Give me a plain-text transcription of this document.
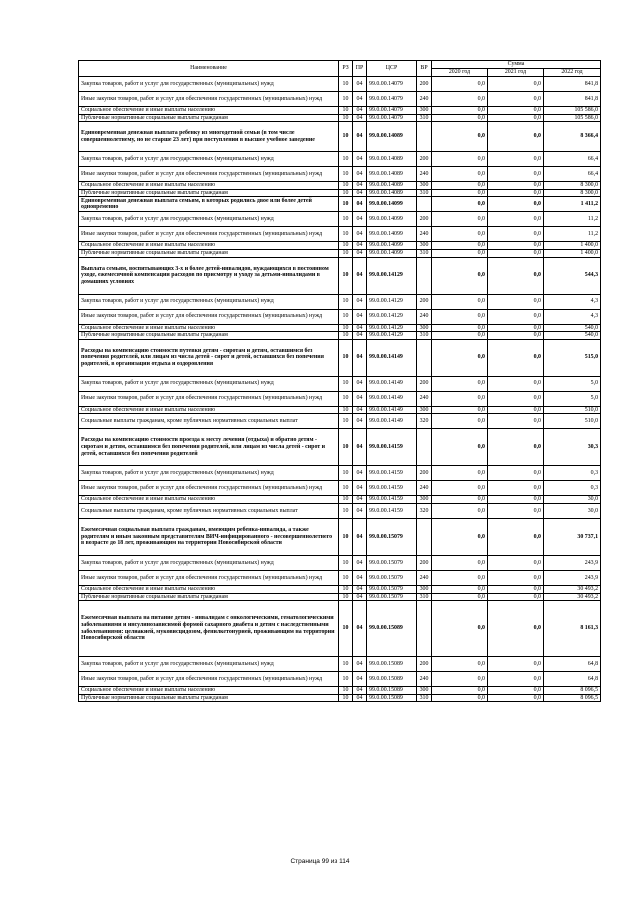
Наименование	РЗ	ПР	ЦСР	ВР	Сумма		
					2020 год	2021 год	2022 год
Закупка товаров, работ и услуг для государственных (муниципальных) нужд	10	04	99.0.00.14079	200	0,0	0,0	841,8
Иные закупки товаров, работ и услуг для обеспечения государственных (муниципальных) нужд	10	04	99.0.00.14079	240	0,0	0,0	841,8
Социальное обеспечение и иные выплаты населению	10	04	99.0.00.14079	300	0,0	0,0	105 586,0
Публичные нормативные социальные выплаты гражданам	10	04	99.0.00.14079	310	0,0	0,0	105 586,0
Единовременная денежная выплата ребенку из многодетной семьи (в том числе совершеннолетнему, но не старше 23 лет) при поступлении в высшее учебное заведение	10	04	99.0.00.14089		0,0	0,0	8 366,4
Закупка товаров, работ и услуг для государственных (муниципальных) нужд	10	04	99.0.00.14089	200	0,0	0,0	66,4
Иные закупки товаров, работ и услуг для обеспечения государственных (муниципальных) нужд	10	04	99.0.00.14089	240	0,0	0,0	66,4
Социальное обеспечение и иные выплаты населению	10	04	99.0.00.14089	300	0,0	0,0	8 300,0
Публичные нормативные социальные выплаты гражданам	10	04	99.0.00.14089	310	0,0	0,0	8 300,0
Единовременная денежная выплата семьям, в которых родились двое или более детей одновременно	10	04	99.0.00.14099		0,0	0,0	1 411,2
Закупка товаров, работ и услуг для государственных (муниципальных) нужд	10	04	99.0.00.14099	200	0,0	0,0	11,2
Иные закупки товаров, работ и услуг для обеспечения государственных (муниципальных) нужд	10	04	99.0.00.14099	240	0,0	0,0	11,2
Социальное обеспечение и иные выплаты населению	10	04	99.0.00.14099	300	0,0	0,0	1 400,0
Публичные нормативные социальные выплаты гражданам	10	04	99.0.00.14099	310	0,0	0,0	1 400,0
Выплата семьям, воспитывающих 3-х и более детей-инвалидов, нуждающихся в постоянном уходе, ежемесячной компенсации расходов по присмотру и уходу за детьми-инвалидами в домашних условиях	10	04	99.0.00.14129		0,0	0,0	544,3
Закупка товаров, работ и услуг для государственных (муниципальных) нужд	10	04	99.0.00.14129	200	0,0	0,0	4,3
Иные закупки товаров, работ и услуг для обеспечения государственных (муниципальных) нужд	10	04	99.0.00.14129	240	0,0	0,0	4,3
Социальное обеспечение и иные выплаты населению	10	04	99.0.00.14129	300	0,0	0,0	540,0
Публичные нормативные социальные выплаты гражданам	10	04	99.0.00.14129	310	0,0	0,0	540,0
Расходы на компенсацию стоимости путевки детям - сиротам и детям, оставшимся без попечения родителей, или лицам из числа детей - сирот и детей, оставшихся без попечения родителей, в организации отдыха и оздоровления	10	04	99.0.00.14149		0,0	0,0	515,0
Закупка товаров, работ и услуг для государственных (муниципальных) нужд	10	04	99.0.00.14149	200	0,0	0,0	5,0
Иные закупки товаров, работ и услуг для обеспечения государственных (муниципальных) нужд	10	04	99.0.00.14149	240	0,0	0,0	5,0
Социальное обеспечение и иные выплаты населению	10	04	99.0.00.14149	300	0,0	0,0	510,0
Социальные выплаты гражданам, кроме публичных нормативных социальных выплат	10	04	99.0.00.14149	320	0,0	0,0	510,0
Расходы на компенсацию стоимости проезда к месту лечения (отдыха) и обратно детям - сиротам и детям, оставшимся без попечения родителей, или лицам из числа детей - сирот и детей, оставшихся без попечения родителей	10	04	99.0.00.14159		0,0	0,0	30,3
Закупка товаров, работ и услуг для государственных (муниципальных) нужд	10	04	99.0.00.14159	200	0,0	0,0	0,3
Иные закупки товаров, работ и услуг для обеспечения государственных (муниципальных) нужд	10	04	99.0.00.14159	240	0,0	0,0	0,3
Социальное обеспечение и иные выплаты населению	10	04	99.0.00.14159	300	0,0	0,0	30,0
Социальные выплаты гражданам, кроме публичных нормативных социальных выплат	10	04	99.0.00.14159	320	0,0	0,0	30,0
Ежемесячная социальная выплата гражданам, имеющим ребенка-инвалида, а также родителям и иным законным представителям ВИЧ-инфицированного - несовершеннолетнего в возрасте до 18 лет, проживающим на территории Новосибирской области	10	04	99.0.00.15079		0,0	0,0	30 737,1
Закупка товаров, работ и услуг для государственных (муниципальных) нужд	10	04	99.0.00.15079	200	0,0	0,0	243,9
Иные закупки товаров, работ и услуг для обеспечения государственных (муниципальных) нужд	10	04	99.0.00.15079	240	0,0	0,0	243,9
Социальное обеспечение и иные выплаты населению	10	04	99.0.00.15079	300	0,0	0,0	30 493,2
Публичные нормативные социальные выплаты гражданам	10	04	99.0.00.15079	310	0,0	0,0	30 493,2
Ежемесячная выплата на питание детям - инвалидам с онкологическими, гематологическими заболеваниями и инсулинозависимой формой сахарного диабета и детям с наследственными заболеваниями: целиакией, муковисцидозом, фенилкетонурией, проживающим на территории Новосибирской области	10	04	99.0.00.15089		0,0	0,0	8 161,3
Закупка товаров, работ и услуг для государственных (муниципальных) нужд	10	04	99.0.00.15089	200	0,0	0,0	64,8
Иные закупки товаров, работ и услуг для обеспечения государственных (муниципальных) нужд	10	04	99.0.00.15089	240	0,0	0,0	64,8
Социальное обеспечение и иные выплаты населению	10	04	99.0.00.15089	300	0,0	0,0	8 096,5
Публичные нормативные социальные выплаты гражданам	10	04	99.0.00.15089	310	0,0	0,0	8 096,5
Страница 99 из 114
